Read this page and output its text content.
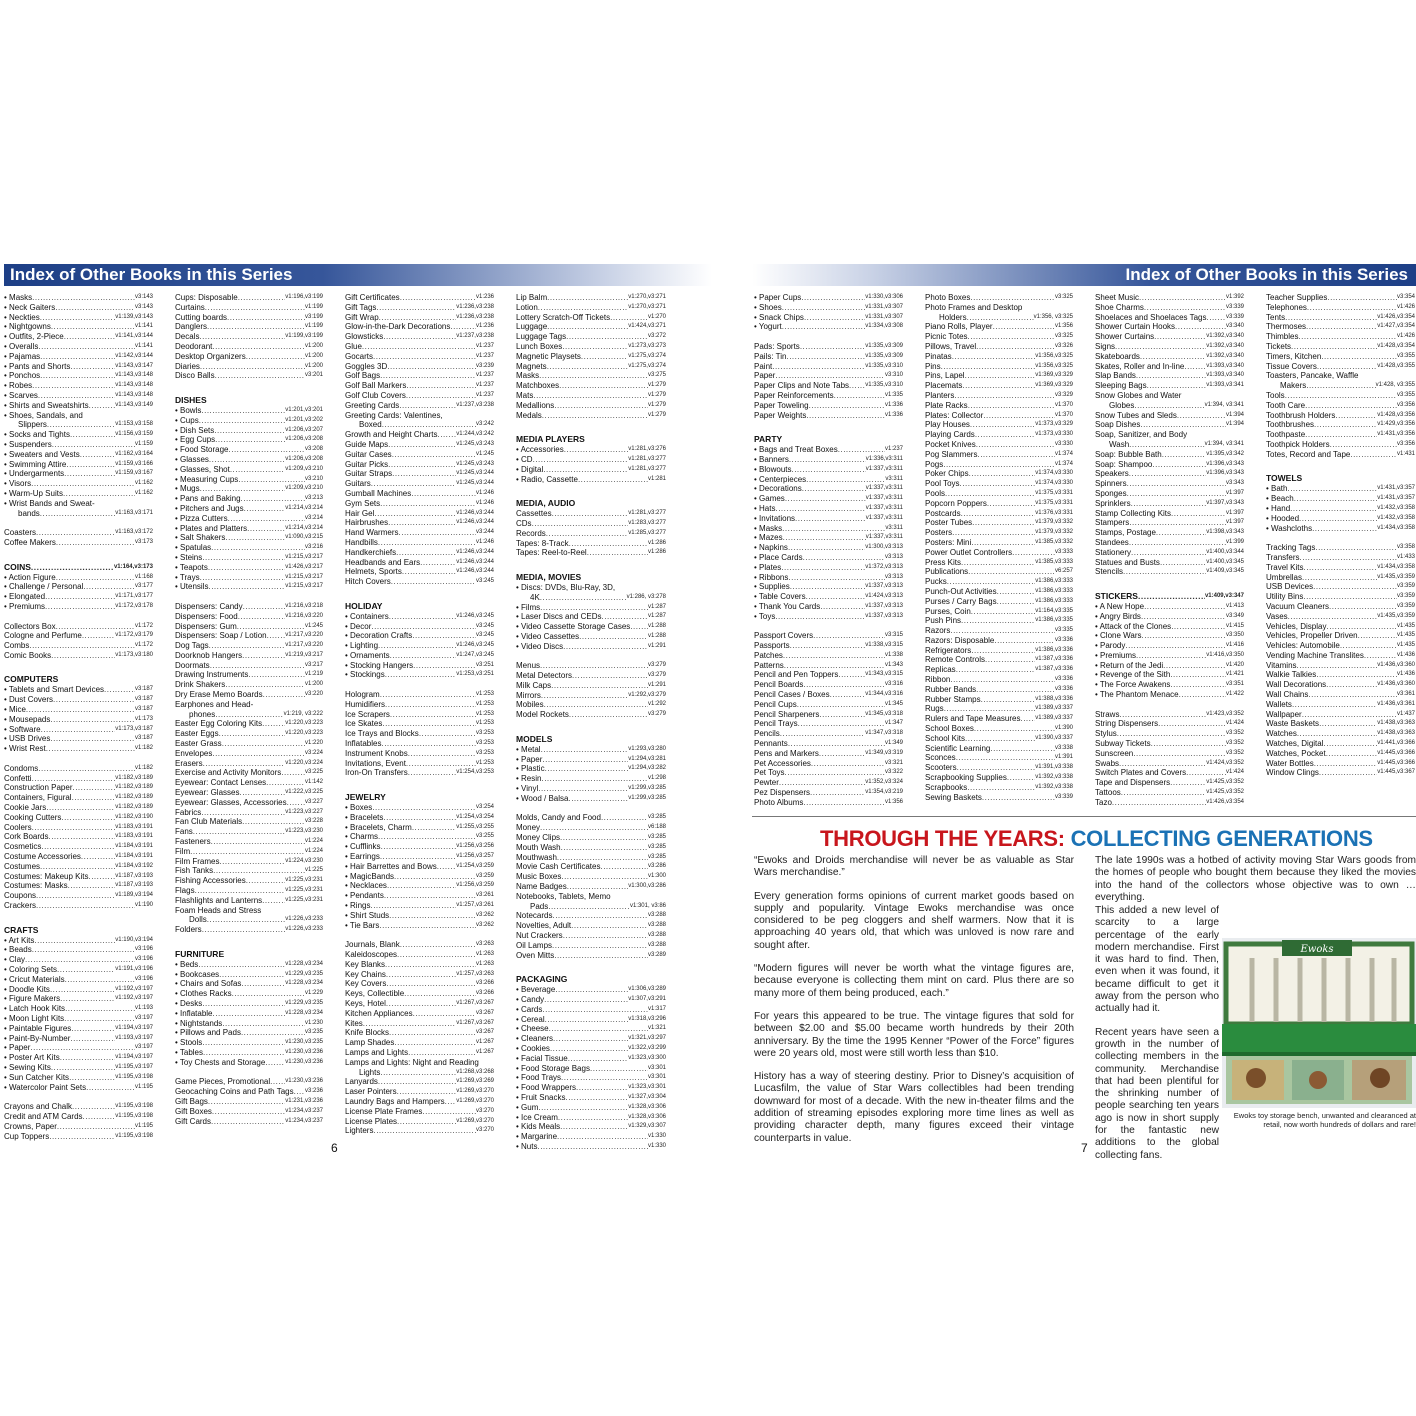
Index of Other Books in this Series	Index of Other Books in this Series
• Masks .....	v3:143
• Neck Gaiters .....	v3:143
• Neckties .....	v1:139,v3:143
• Nightgowns .....	v1:141
• Outfits, 2-Piece .....	v1:141,v3:144
• Overalls .....	v1:141
• Pajamas .....	v1:142,v3:144
• Pants and Shorts .....	v1:143,v3:147
• Ponchos .....	v1:143,v3:148
• Robes .....	v1:143,v3:148
• Scarves .....	v1:143,v3:148
• Shirts and Sweatshirts .....	v1:143,v3:149
• Shoes, Sandals, and
Slippers .....	v1:153,v3:158
• Socks and Tights .....	v1:156,v3:159
• Suspenders .....	v1:159
• Sweaters and Vests .....	v1:162,v3:164
• Swimming Attire .....	v1:159,v3:166
• Undergarments .....	v1:159,v3:167
• Visors .....	v1:162
• Warm-Up Suits .....	v1:162
• Wrist Bands and Sweat-
bands .....	v1:163,v3:171
Coasters .....	v1:163,v3:172
Coffee Makers .....	v3:173
COINS .....	v1:164,v3:173
• Action Figure .....	v1:168
• Challenge / Personal .....	v3:177
• Elongated .....	v1:171,v3:177
• Premiums .....	v1:172,v3:178
Collectors Box .....	v1:172
Cologne and Perfume .....	v1:172,v3:179
Combs .....	v1:172
Comic Books .....	v1:173,v3:180
COMPUTERS
• Tablets and Smart Devices .....	v3:187
• Dust Covers .....	v3:187
• Mice .....	v3:187
• Mousepads .....	v1:173
• Software .....	v1:173,v3:187
• USB Drives .....	v3:187
• Wrist Rest .....	v1:182
Condoms .....	v1:182
Confetti .....	v1:182,v3:189
Construction Paper .....	v1:182,v3:189
Containers, Figural .....	v1:182,v3:189
Cookie Jars .....	v1:182,v3:189
Cooking Cutters .....	v1:182,v3:190
Coolers .....	v1:183,v3:191
Cork Boards .....	v1:183,v3:191
Cosmetics .....	v1:184,v3:191
Costume Accessories .....	v1:184,v3:191
Costumes .....	v1:184,v3:192
Costumes: Makeup Kits .....	v1:187,v3:193
Costumes: Masks .....	v1:187,v3:193
Coupons .....	v1:189,v3:194
Crackers .....	v1:190
CRAFTS
• Art Kits .....	v1:190,v3:194
• Beads .....	v3:196
• Clay .....	v3:196
• Coloring Sets .....	v1:191,v3:196
• Cricut Materials .....	v3:196
• Doodle Kits .....	v1:192,v3:197
• Figure Makers .....	v1:192,v3:197
• Latch Hook Kits .....	v1:193
• Moon Light Kits .....	v3:197
• Paintable Figures .....	v1:194,v3:197
• Paint-By-Number .....	v1:193,v3:197
• Paper .....	v3:197
• Poster Art Kits .....	v1:194,v3:197
• Sewing Kits .....	v1:195,v3:197
• Sun Catcher Kits .....	v1:195,v3:198
• Watercolor Paint Sets .....	v1:195
Crayons and Chalk .....	v1:195,v3:198
Credit and ATM Cards .....	v1:195,v3:198
Crowns, Paper .....	v1:195
Cup Toppers .....	v1:195,v3:198
Cups: Disposable .....	v1:196,v3:199
Curtains .....	v1:199
Cutting boards .....	v3:199
Danglers .....	v1:199
Decals .....	v1:199,v3:199
Deodorant .....	v1:200
Desktop Organizers .....	v1:200
Diaries .....	v1:200
Disco Balls .....	v3:201
DISHES
• Bowls .....	v1:201,v3:201
• Cups .....	v1:201,v3:202
• Dish Sets .....	v1:206,v3:207
• Egg Cups .....	v1:206,v3:208
• Food Storage .....	v3:208
• Glasses .....	v1:206,v3:208
• Glasses, Shot .....	v1:209,v3:210
• Measuring Cups .....	v3:210
• Mugs .....	v1:209,v3:210
• Pans and Baking .....	v3:213
• Pitchers and Jugs .....	v1:214,v3:214
• Pizza Cutters .....	v3:214
• Plates and Platters .....	v1:214,v3:214
• Salt Shakers .....	v1:090,v3:215
• Spatulas .....	v3:216
• Steins .....	v1:215,v3:217
• Teapots .....	v1:426,v3:217
• Trays .....	v1:215,v3:217
• Utensils .....	v1:215,v3:217
Dispensers: Candy .....	v1:216,v3:218
Dispensers: Food .....	v1:216,v3:220
Dispensers: Gum .....	v1:245
Dispensers: Soap / Lotion .....	v1:217,v3:220
Dog Tags .....	v1:217,v3:220
Doorknob Hangers .....	v1:219,v3:217
Doormats .....	v3:217
Drawing Instruments .....	v1:219
Drink Shakers .....	v1:200
Dry Erase Memo Boards .....	v3:220
Earphones and Head-
phones .....	v1:219, v3:222
Easter Egg Coloring Kits .....	v1:220,v3:223
Easter Eggs .....	v1:220,v3:223
Easter Grass .....	v1:220
Envelopes .....	v3:224
Erasers .....	v1:220,v3:224
Exercise and Activity Monitors .....	v3:225
Eyewear: Contact Lenses .....	v1:142
Eyewear: Glasses .....	v1:222,v3:225
Eyewear: Glasses, Accessories .....	v3:227
Fabrics .....	v1:223,v3:227
Fan Club Materials .....	v3:228
Fans .....	v1:223,v3:230
Fasteners .....	v1:224
Film .....	v1:224
Film Frames .....	v1:224,v3:230
Fish Tanks .....	v1:225
Fishing Accessories .....	v1:225,v3:231
Flags .....	v1:225,v3:231
Flashlights and Lanterns .....	v1:225,v3:231
Foam Heads and Stress
Dolls .....	v1:226,v3:233
Folders .....	v1:226,v3:233
FURNITURE
• Beds .....	v1:228,v3:234
• Bookcases .....	v1:229,v3:235
• Chairs and Sofas .....	v1:228,v3:234
• Clothes Racks .....	v1:229
• Desks .....	v1:229,v3:235
• Inflatable .....	v1:228,v3:234
• Nightstands .....	v1:230
• Pillows and Pads .....	v3:235
• Stools .....	v1:230,v3:235
• Tables .....	v1:230,v3:236
• Toy Chests and Storage .....	v1:230,v3:236
Game Pieces, Promotional .....	v1:230,v3:236
Geocaching Coins and Path Tags ..... v3:236
Gift Bags .....	v1:231,v3:236
Gift Boxes .....	v1:234,v3:237
Gift Cards .....	v1:234,v3:237
Gift Certificates .....	v1:236
Gift Tags .....	v1:236,v3:238
Gift Wrap .....	v1:236,v3:238
Glow-in-the-Dark Decorations .....	v1:236
Glowsticks .....	v1:237,v3:238
Glue .....	v1:237
Gocarts .....	v1:237
Goggles 3D .....	v3:239
Golf Bags .....	v1:237
Golf Ball Markers .....	v1:237
Golf Club Covers .....	v1:237
Greeting Cards .....	v1:237,v3:238
Greeting Cards: Valentines,
Boxed .....	v3:242
Growth and Height Charts .....	v1:244,v3:242
Guide Maps .....	v1:245,v3:243
Guitar Cases .....	v1:245
Guitar Picks .....	v1:245,v3:243
Guitar Straps .....	v1:245,v3:244
Guitars .....	v1:245,v3:244
Gumball Machines .....	v1:246
Gym Sets .....	v1:246
Hair Gel .....	v1:246,v3:244
Hairbrushes .....	v1:246,v3:244
Hand Warmers .....	v3:244
Handbills .....	v1:246
Handkerchiefs .....	v1:246,v3:244
Headbands and Ears .....	v1:246,v3:244
Helmets, Sports .....	v1:246,v3:244
Hitch Covers .....	v3:245
HOLIDAY
• Containers .....	v1:246,v3:245
• Decor .....	v3:245
• Decoration Crafts .....	v3:245
• Lighting .....	v1:246,v3:245
• Ornaments .....	v1:247,v3:245
• Stocking Hangers .....	v3:251
• Stockings .....	v1:253,v3:251
Hologram .....	v1:253
Humidifiers .....	v1:253
Ice Scrapers .....	v1:253
Ice Skates .....	v1:253
Ice Trays and Blocks .....	v3:253
Inflatables .....	v3:253
Instrument Knobs .....	v3:253
Invitations, Event .....	v1:253
Iron-On Transfers .....	v1:254,v3:253
JEWELRY
• Boxes .....	v3:254
• Bracelets .....	v1:254,v3:254
• Bracelets, Charm .....	v1:255,v3:255
• Charms .....	v3:255
• Cufflinks .....	v1:256,v3:256
• Earrings .....	v1:256,v3:257
• Hair Barrettes and Bows .....	v1:254,v3:259
• MagicBands .....	v3:259
• Necklaces .....	v1:256,v3:259
• Pendants .....	v3:261
• Rings .....	v1:257,v3:261
• Shirt Studs .....	v3:262
• Tie Bars .....	v3:262
Journals, Blank .....	v3:263
Kaleidoscopes .....	v1:263
Key Blanks .....	v1:263
Key Chains .....	v1:257,v3:263
Key Covers .....	v3:266
Keys, Collectible .....	v3:266
Keys, Hotel .....	v1:267,v3:267
Kitchen Appliances .....	v3:267
Kites .....	v1:267,v3:267
Knife Blocks .....	v3:267
Lamp Shades .....	v1:267
Lamps and Lights .....	v1:267
Lamps and Lights: Night and Reading
Lights .....	v1:268,v3:268
Lanyards .....	v1:269,v3:269
Laser Pointers .....	v1:269,v3:270
Laundry Bags and Hampers ..... v1:269,v3:270
License Plate Frames .....	v3:270
License Plates .....	v1:269,v3:270
Lighters .....	v3:270
Lip Balm .....	v1:270,v3:271
Lotion .....	v1:270,v3:271
Lottery Scratch-Off Tickets .....	v1:270
Luggage .....	v1:424,v3:271
Luggage Tags .....	v3:272
Lunch Boxes .....	v1:273,v3:273
Magnetic Playsets .....	v1:275,v3:274
Magnets .....	v1:275,v3:274
Masks .....	v3:275
Matchboxes .....	v1:279
Mats .....	v1:279
Medallions .....	v1:279
Medals .....	v1:279
MEDIA PLAYERS
• Accessories .....	v1:281,v3:276
• CD .....	v1:281,v3:277
• Digital .....	v1:281,v3:277
• Radio, Cassette .....	v1:281
MEDIA, AUDIO
Cassettes .....	v1:281,v3:277
CDs .....	v1:283,v3:277
Records .....	v1:285,v3:277
Tapes: 8-Track .....	v1:286
Tapes: Reel-to-Reel .....	v1:286
MEDIA, MOVIES
• Discs: DVDs, Blu-Ray, 3D,
4K .....	v1:286, v3:278
• Films .....	v1:287
• Laser Discs and CEDs .....	v1:287
• Video Cassette Storage Cases .....	v1:288
• Video Cassettes .....	v1:288
• Video Discs .....	v1:291
Menus .....	v3:279
Metal Detectors .....	v3:279
Milk Caps .....	v1:291
Mirrors .....	v1:292,v3:279
Mobiles .....	v1:292
Model Rockets .....	v3:279
MODELS
• Metal .....	v1:293,v3:280
• Paper .....	v1:294,v3:281
• Plastic .....	v1:294,v3:282
• Resin .....	v1:298
• Vinyl .....	v1:299,v3:285
• Wood / Balsa .....	v1:299,v3:285
Molds, Candy and Food .....	v3:285
Money .....	v6:188
Money Clips .....	v3:285
Mouth Wash .....	v3:285
Mouthwash .....	v3:285
Movie Cash Certificates .....	v3:286
Music Boxes .....	v1:300
Name Badges .....	v1:300,v3:286
Notebooks, Tablets, Memo
Pads .....	v1:301, v3:86
Notecards .....	v3:288
Novelties, Adult .....	v3:288
Nut Crackers .....	v3:288
Oil Lamps .....	v3:288
Oven Mitts .....	v3:289
PACKAGING
• Beverage .....	v1:306,v3:289
• Candy .....	v1:307,v3:291
• Cards .....	v1:317
• Cereal .....	v1:318,v3:296
• Cheese .....	v1:321
• Cleaners .....	v1:321,v3:297
• Cookies .....	v1:322,v3:299
• Facial Tissue .....	v1:323,v3:300
• Food Storage Bags .....	v3:301
• Food Trays .....	v3:301
• Food Wrappers .....	v1:323,v3:301
• Fruit Snacks .....	v1:327,v3:304
• Gum .....	v1:328,v3:306
• Ice Cream .....	v1:328,v3:306
• Kids Meals .....	v1:329,v3:307
• Margarine .....	v1:330
• Nuts .....	v1:330
• Paper Cups .....	v1:330,v3:306
• Shoes .....	v1:331,v3:307
• Snack Chips .....	v1:331,v3:307
• Yogurt .....	v1:334,v3:308
Pads: Sports .....	v1:335,v3:309
Pails: Tin .....	v1:335,v3:309
Paint .....	v1:335,v3:310
Paper .....	v3:310
Paper Clips and Note Tabs .....	v1:335,v3:310
Paper Reinforcements .....	v1:335
Paper Toweling .....	v1:336
Paper Weights .....	v1:336
PARTY
• Bags and Treat Boxes .....	v1:237
• Banners .....	v1:336,v3:311
• Blowouts .....	v1:337,v3:311
• Centerpieces .....	v3:311
• Decorations .....	v1:337,v3:311
• Games .....	v1:337,v3:311
• Hats .....	v1:337,v3:311
• Invitations .....	v1:337,v3:311
• Masks .....	v3:311
• Mazes .....	v1:337,v3:311
• Napkins .....	v1:300,v3:313
• Place Cards .....	v3:313
• Plates .....	v1:372,v3:313
• Ribbons .....	v3:313
• Supplies .....	v1:337,v3:313
• Table Covers .....	v1:424,v3:313
• Thank You Cards .....	v1:337,v3:313
• Toys .....	v1:337,v3:313
Passport Covers .....	v3:315
Passports .....	v1:338,v3:315
Patches .....	v1:338
Patterns .....	v1:343
Pencil and Pen Toppers .....	v1:343,v3:315
Pencil Boards .....	v3:316
Pencil Cases / Boxes .....	v1:344,v3:316
Pencil Cups .....	v1:345
Pencil Sharpeners .....	v1:345,v3:318
Pencil Trays .....	v1:347
Pencils .....	v1:347,v3:318
Pennants .....	v1:349
Pens and Markers .....	v1:349,v3:319
Pet Accessories .....	v3:321
Pet Toys .....	v3:322
Pewter .....	v1:352,v3:324
Pez Dispensers .....	v1:354,v3:219
Photo Albums .....	v1:356
Photo Boxes .....	v3:325
Photo Frames and Desktop
Holders .....	v1:356, v3:325
Piano Rolls, Player .....	v1:356
Picnic Totes .....	v3:325
Pillows, Travel .....	v3:326
Pinatas .....	v1:356,v3:325
Pins .....	v1:356,v3:325
Pins, Lapel .....	v1:369,v3:329
Placemats .....	v1:369,v3:329
Planters .....	v3:329
Plate Racks .....	v1:370
Plates: Collector .....	v1:370
Play Houses .....	v1:373,v3:329
Playing Cards .....	v1:373,v3:330
Pocket Knives .....	v3:330
Pog Slammers .....	v1:374
Pogs .....	v1:374
Poker Chips .....	v1:374,v3:330
Pool Toys .....	v1:374,v3:330
Pools .....	v1:375,v3:331
Popcorn Poppers .....	v1:375,v3:331
Postcards .....	v1:376,v3:331
Poster Tubes .....	v1:379,v3:332
Posters .....	v1:379,v3:332
Posters: Mini .....	v1:385,v3:332
Power Outlet Controllers .....	v3:333
Press Kits .....	v1:385,v3:333
Publications .....	v6:257
Pucks .....	v1:386,v3:333
Punch-Out Activities .....	v1:386,v3:333
Purses / Carry Bags .....	v1:386,v3:333
Purses, Coin .....	v1:164,v3:335
Push Pins .....	v1:386,v3:335
Razors .....	v3:335
Razors: Disposable .....	v3:336
Refrigerators .....	v1:386,v3:336
Remote Controls .....	v1:387,v3:336
Replicas .....	v1:387,v3:336
Ribbon .....	v3:336
Rubber Bands .....	v3:336
Rubber Stamps .....	v1:388,v3:336
Rugs .....	v1:389,v3:337
Rulers and Tape Measures ..... v1:389,v3:337
School Boxes .....	v1:390
School Kits .....	v1:390,v3:337
Scientific Learning .....	v3:338
Sconces .....	v1:391
Scooters .....	v1:391,v3:338
Scrapbooking Supplies .....	v1:392,v3:338
Scrapbooks .....	v1:392,v3:338
Sewing Baskets .....	v3:339
Sheet Music .....	v1:392
Shoe Charms .....	v3:339
Shoelaces and Shoelaces Tags .....	v3:339
Shower Curtain Hooks .....	v3:340
Shower Curtains .....	v1:392,v3:340
Signs .....	v1:392,v3:340
Skateboards .....	v1:392,v3:340
Skates, Roller and In-line .....	v1:393,v3:340
Slap Bands .....	v1:393,v3:340
Sleeping Bags .....	v1:393,v3:341
Snow Globes and Water
Globes .....	v1:394, v3:341
Snow Tubes and Sleds .....	v1:394
Soap Dishes .....	v1:394
Soap, Sanitizer, and Body
Wash .....	v1:394, v3:341
Soap: Bubble Bath .....	v1:395,v3:342
Soap: Shampoo .....	v1:396,v3:343
Speakers .....	v1:396,v3:343
Spinners .....	v3:343
Sponges .....	v1:397
Sprinklers .....	v1:397,v3:343
Stamp Collecting Kits .....	v1:397
Stampers .....	v1:397
Stamps, Postage .....	v1:398,v3:343
Standees .....	v1:399
Stationery .....	v1:400,v3:344
Statues and Busts .....	v1:400,v3:345
Stencils .....	v1:409,v3:345
STICKERS .....	v1:409,v3:347
• A New Hope .....	v1:413
• Angry Birds .....	v3:349
• Attack of the Clones .....	v1:415
• Clone Wars .....	v3:350
• Parody .....	v1:416
• Premiums .....	v1:416,v3:350
• Return of the Jedi .....	v1:420
• Revenge of the Sith .....	v1:421
• The Force Awakens .....	v3:351
• The Phantom Menace .....	v1:422
Straws .....	v1:423,v3:352
String Dispensers .....	v1:424
Stylus .....	v3:352
Subway Tickets .....	v3:352
Sunscreen .....	v3:352
Swabs .....	v1:424,v3:352
Switch Plates and Covers .....	v1:424
Tape and Dispensers .....	v1:425,v3:352
Tattoos .....	v1:425,v3:352
Tazo .....	v1:426,v3:354
Teacher Supplies .....	v3:354
Telephones .....	v1:426
Tents .....	v1:426,v3:354
Thermoses .....	v1:427,v3:354
Thimbles .....	v1:426
Tickets .....	v1:428,v3:354
Timers, Kitchen .....	v3:355
Tissue Covers .....	v1:428,v3:355
Toasters, Pancake, Waffle
Makers .....	v1:428, v3:355
Tools .....	v3:355
Tooth Care .....	v3:356
Toothbrush Holders .....	v1:428,v3:356
Toothbrushes .....	v1:429,v3:356
Toothpaste .....	v1:431,v3:356
Toothpick Holders .....	v3:356
Totes, Record and Tape .....	v1:431
TOWELS
• Bath .....	v1:431,v3:357
• Beach .....	v1:431,v3:357
• Hand .....	v1:432,v3:358
• Hooded .....	v1:432,v3:358
• Washcloths .....	v1:434,v3:358
Tracking Tags .....	v3:358
Transfers .....	v1:433
Travel Kits .....	v1:434,v3:358
Umbrellas .....	v1:435,v3:359
USB Devices .....	v3:359
Utility Bins .....	v3:359
Vacuum Cleaners .....	v3:359
Vases .....	v1:435,v3:359
Vehicles, Display .....	v1:435
Vehicles, Propeller Driven .....	v1:435
Vehicles: Automobile .....	v1:435
Vending Machine Translites .....	v1:436
Vitamins .....	v1:436,v3:360
Walkie Talkies .....	v1:436
Wall Decorations .....	v1:436,v3:360
Wall Chains .....	v3:361
Wallets .....	v1:436,v3:361
Wallpaper .....	v1:437
Waste Baskets .....	v1:438,v3:363
Watches .....	v1:438,v3:363
Watches, Digital .....	v1:441,v3:366
Watches, Pocket .....	v1:445,v3:366
Water Bottles .....	v1:445,v3:366
Window Clings .....	v1:445,v3:367
6	7
THROUGH THE YEARS: COLLECTING GENERATIONS

“Ewoks and Droids merchandise will never be as valuable as Star Wars merchandise.”

Every generation forms opinions of current market goods based on supply and popularity. Vintage Ewoks merchandise was once considered to be peg cloggers and shelf warmers. Now that it is approaching 40 years old, that which was unloved is now rare and sought after.

“Modern figures will never be worth what the vintage figures are, because everyone is collecting them mint on card. Plus there are so many more of them being produced, each.”

For years this appeared to be true. The vintage figures that sold for between $2.00 and $5.00 became worth hundreds by their 20th anniversary. By the time the 1995 Kenner “Power of the Force” figures were 20 years old, most were still worth less than $10.

History has a way of steering destiny. Prior to Disney’s acquisition of Lucasfilm, the value of Star Wars collectibles had been trending downward for most of a decade. With the new in-theater films and the addition of streaming episodes exploring more time lines as well as providing character depth, many figures exceed their vintage counterparts in value.

The late 1990s was a hotbed of activity moving Star Wars goods from the homes of people who bought them because they liked the movies into the hand of the collectors whose objective was to own … everything.

This added a new level of scarcity to a large percentage of the early modern merchandise. First it was hard to find. Then, even when it was found, it became difficult to get it away from the person who actually had it.

Recent years have seen a growth in the number of collecting members in the community. Merchandise that had been plentiful for the shrinking number of people searching ten years ago is now in short supply for the fantastic new additions to the global collecting fans.

Ewoks
Ewoks toy storage bench, unwanted and clearanced at retail, now worth hundreds of dollars and rare!
